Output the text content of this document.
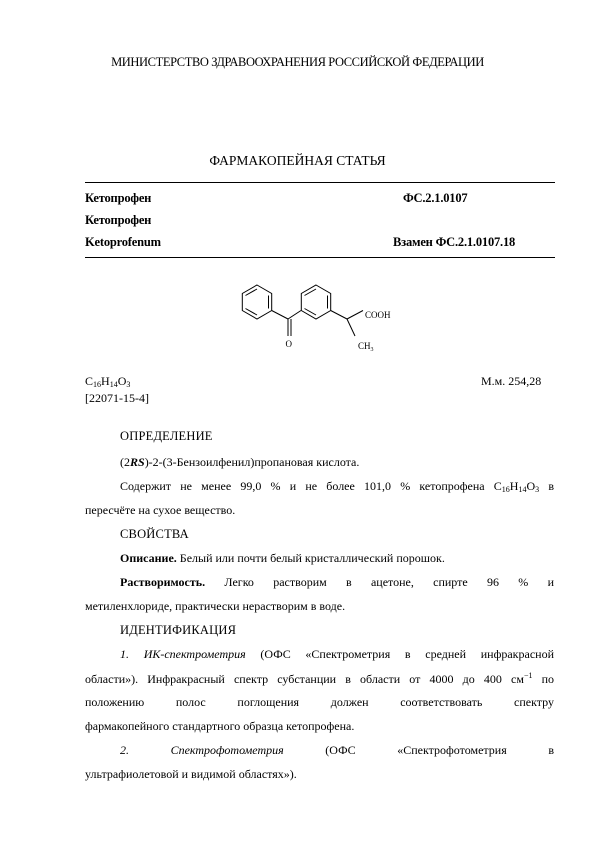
МИНИСТЕРСТВО ЗДРАВООХРАНЕНИЯ РОССИЙСКОЙ ФЕДЕРАЦИИ
ФАРМАКОПЕЙНАЯ СТАТЬЯ
Кетопрофен	ФС.2.1.0107
Кетопрофен
Ketoprofenum	Взамен ФС.2.1.0107.18
COOH
O	$CH_3$
$C_{16}H_{14}O_3$	М.м. 254,28
[22071-15-4]
ОПРЕДЕЛЕНИЕ
(2RS)-2-(3-Бензоилфенил)пропановая кислота.
Содержит не менее 99,0 % и не более 101,0 % кетопрофена $C_{16}H_{14}O_3$ в
пересчёте на сухое вещество.
СВОЙСТВА
Описание. Белый или почти белый кристаллический порошок.
Растворимость. Легко растворим в ацетоне, спирте 96 % и
метиленхлориде, практически нерастворим в воде.
ИДЕНТИФИКАЦИЯ
1. ИК-спектрометрия (ОФС «Спектрометрия в средней инфракрасной
области»). Инфракрасный спектр субстанции в области от 4000 до 400 $см^{-1}$ по
положению полос поглощения должен соответствовать спектру
фармакопейного стандартного образца кетопрофена.
2. Спектрофотометрия (ОФС «Спектрофотометрия в
ультрафиолетовой и видимой областях»).
